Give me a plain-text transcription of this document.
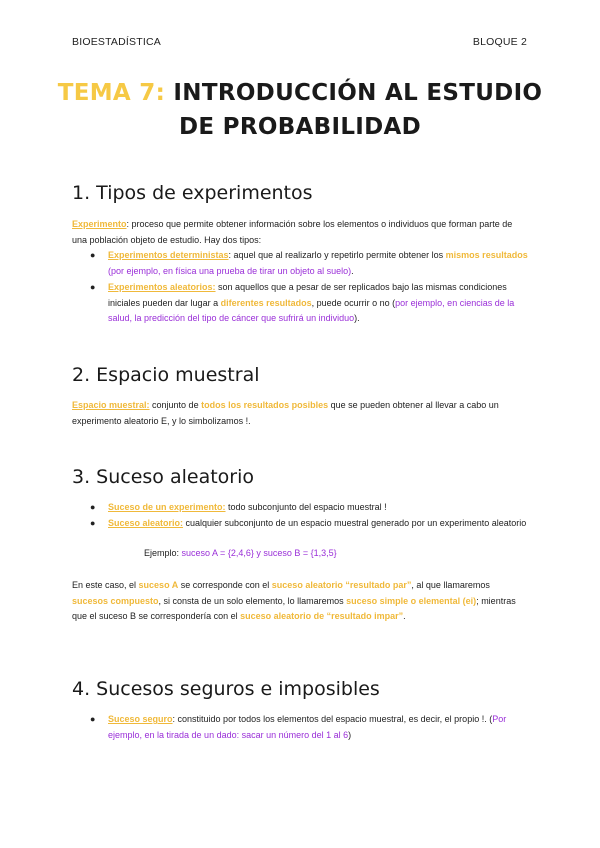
BIOESTADÍSTICA	BLOQUE 2
TEMA 7: INTRODUCCIÓN AL ESTUDIO
DE PROBABILIDAD
1. Tipos de experimentos
Experimento: proceso que permite obtener información sobre los elementos o individuos que forman parte de una población objeto de estudio. Hay dos tipos:
● Experimentos deterministas: aquel que al realizarlo y repetirlo permite obtener los mismos resultados (por ejemplo, en física una prueba de tirar un objeto al suelo).
● Experimentos aleatorios: son aquellos que a pesar de ser replicados bajo las mismas condiciones iniciales pueden dar lugar a diferentes resultados, puede ocurrir o no (por ejemplo, en ciencias de la salud, la predicción del tipo de cáncer que sufrirá un individuo).
2. Espacio muestral
Espacio muestral: conjunto de todos los resultados posibles que se pueden obtener al llevar a cabo un experimento aleatorio E, y lo simbolizamos !.
3. Suceso aleatorio
● Suceso de un experimento: todo subconjunto del espacio muestral !
● Suceso aleatorio: cualquier subconjunto de un espacio muestral generado por un experimento aleatorio
Ejemplo: suceso A = {2,4,6} y suceso B = {1,3,5}
En este caso, el suceso A se corresponde con el suceso aleatorio “resultado par”, al que llamaremos sucesos compuesto, si consta de un solo elemento, lo llamaremos suceso simple o elemental (ei); mientras que el suceso B se correspondería con el suceso aleatorio de “resultado impar”.
4. Sucesos seguros e imposibles
● Suceso seguro: constituido por todos los elementos del espacio muestral, es decir, el propio !. (Por ejemplo, en la tirada de un dado: sacar un número del 1 al 6)
